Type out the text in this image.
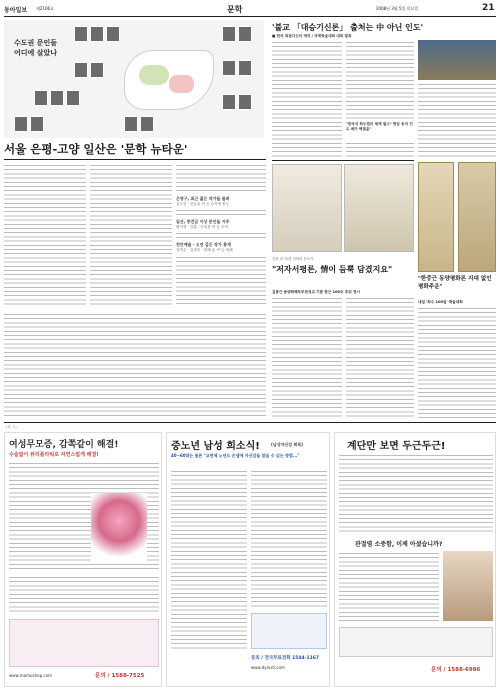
동아일보 제2106호	문학	2008년 3월 5일 목요일	21
수도권 문인들 어디에 살았나
서울 은평-고양 일산은 '문학 뉴타운'
은평구, 최근 젊은 작가들 몰려
김도언 · 신동옥 씨 등 습작에 몰두
일산, 중견급 이상 문인들 거주
황석영 · 김훈 · 은희경 씨 등 모여
천안예술 · 오연 같은 작가 통계
김연수 · 김경욱 · 편혜 수 씨 등 비례
'불교 「대승기신론」 출처는 中 아닌 인도'
■ 한국 최첨다신의 역작 / 국제학술대회 대회 발표
"한국식 화두법의 체계 필수" 현암 송석 인도 메카 해결을"
"한중근 동양평화론 지대 없인 평화주운"
내일 '최수 100일' 학술대회
김용 의 '동양 서화의 본보기'
"저자서평론, 情이 듬뿍 담겼지요"
김봉근 동양화백부부천성교 기론 한근 100주 추위 전시
(광 고)
여성무모증, 감쪽같이 해결!
수술없이 뷰티플라워로 자연스럽게 해결!
www.mamushop.com	문의 / 1588-7525
중노년 남성 희소식!	(남성자신감 회복)
40~60대는 물론 "교련제 노년도 손샘에 자신감을 찾을 수 있는 방법..."
문의 / 전국무료전화 1544-1167
www.dyinsti.com
계단만 보면 두근두근!
관절염 소중함, 이제 아셨습니까?
문의 / 1588-6986
